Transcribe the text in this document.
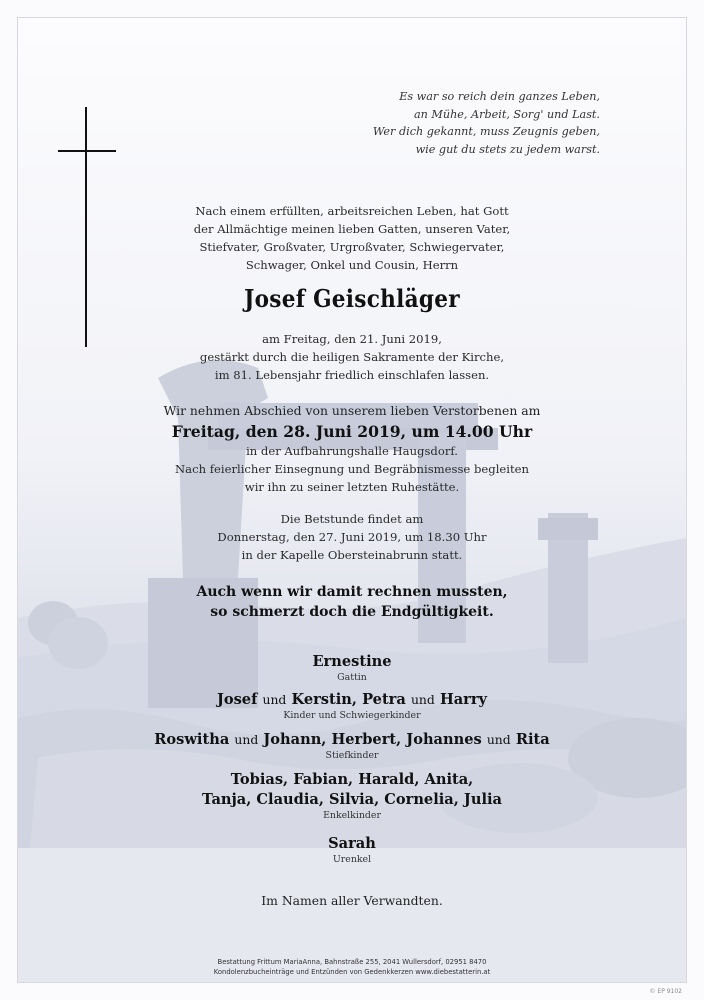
Es war so reich dein ganzes Leben,
an Mühe, Arbeit, Sorg' und Last.
Wer dich gekannt, muss Zeugnis geben,
wie gut du stets zu jedem warst.
Nach einem erfüllten, arbeitsreichen Leben, hat Gott
der Allmächtige meinen lieben Gatten, unseren Vater,
Stiefvater, Großvater, Urgroßvater, Schwiegervater,
Schwager, Onkel und Cousin, Herrn
Josef Geischläger
am Freitag, den 21. Juni 2019,
gestärkt durch die heiligen Sakramente der Kirche,
im 81. Lebensjahr friedlich einschlafen lassen.
Wir nehmen Abschied von unserem lieben Verstorbenen am
Freitag, den 28. Juni 2019, um 14.00 Uhr
in der Aufbahrungshalle Haugsdorf.
Nach feierlicher Einsegnung und Begräbnismesse begleiten
wir ihn zu seiner letzten Ruhestätte.
Die Betstunde findet am
Donnerstag, den 27. Juni 2019, um 18.30 Uhr
in der Kapelle Obersteinabrunn statt.
Auch wenn wir damit rechnen mussten,
so schmerzt doch die Endgültigkeit.
Ernestine
Gattin
Josef und Kerstin, Petra und Harry
Kinder und Schwiegerkinder
Roswitha und Johann, Herbert, Johannes und Rita
Stiefkinder
Tobias, Fabian, Harald, Anita,
Tanja, Claudia, Silvia, Cornelia, Julia
Enkelkinder
Sarah
Urenkel
Im Namen aller Verwandten.
Bestattung Frittum MariaAnna, Bahnstraße 255, 2041 Wullersdorf, 02951 8470
Kondolenzbucheinträge und Entzünden von Gedenkkerzen www.diebestatterin.at
© EP 9102
